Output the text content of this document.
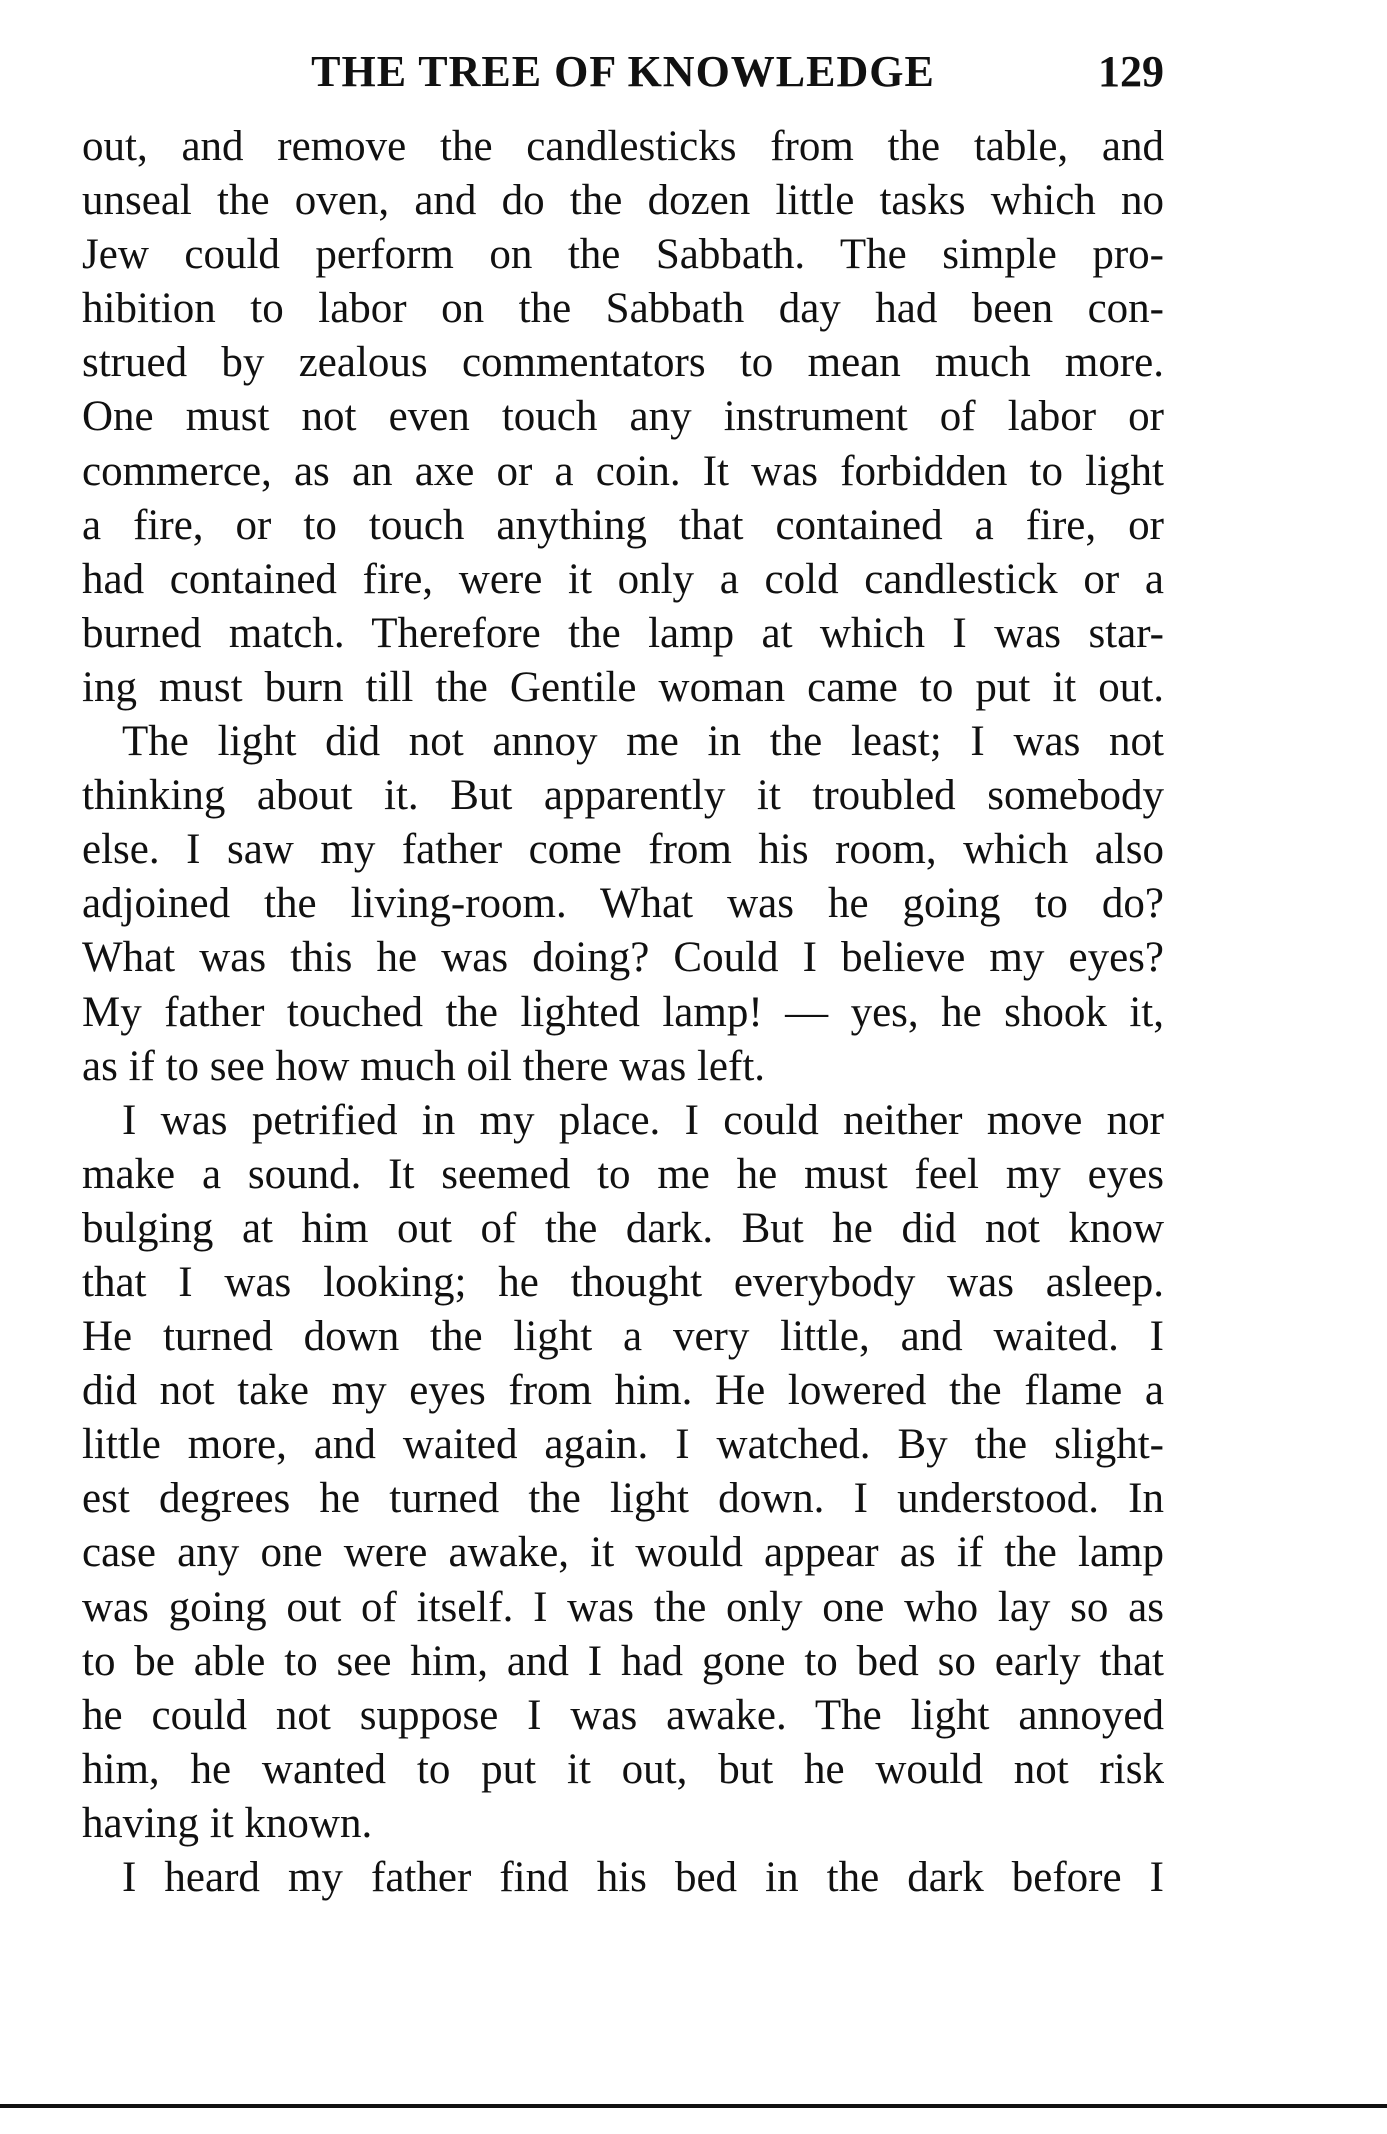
THE TREE OF KNOWLEDGE	129
out, and remove the candlesticks from the table, and
unseal the oven, and do the dozen little tasks which no
Jew could perform on the Sabbath. The simple pro-
hibition to labor on the Sabbath day had been con-
strued by zealous commentators to mean much more.
One must not even touch any instrument of labor or
commerce, as an axe or a coin. It was forbidden to light
a fire, or to touch anything that contained a fire, or
had contained fire, were it only a cold candlestick or a
burned match. Therefore the lamp at which I was star-
ing must burn till the Gentile woman came to put it out.
The light did not annoy me in the least; I was not
thinking about it. But apparently it troubled somebody
else. I saw my father come from his room, which also
adjoined the living-room. What was he going to do?
What was this he was doing? Could I believe my eyes?
My father touched the lighted lamp! — yes, he shook it,
as if to see how much oil there was left.
I was petrified in my place. I could neither move nor
make a sound. It seemed to me he must feel my eyes
bulging at him out of the dark. But he did not know
that I was looking; he thought everybody was asleep.
He turned down the light a very little, and waited. I
did not take my eyes from him. He lowered the flame a
little more, and waited again. I watched. By the slight-
est degrees he turned the light down. I understood. In
case any one were awake, it would appear as if the lamp
was going out of itself. I was the only one who lay so as
to be able to see him, and I had gone to bed so early that
he could not suppose I was awake. The light annoyed
him, he wanted to put it out, but he would not risk
having it known.
I heard my father find his bed in the dark before I
